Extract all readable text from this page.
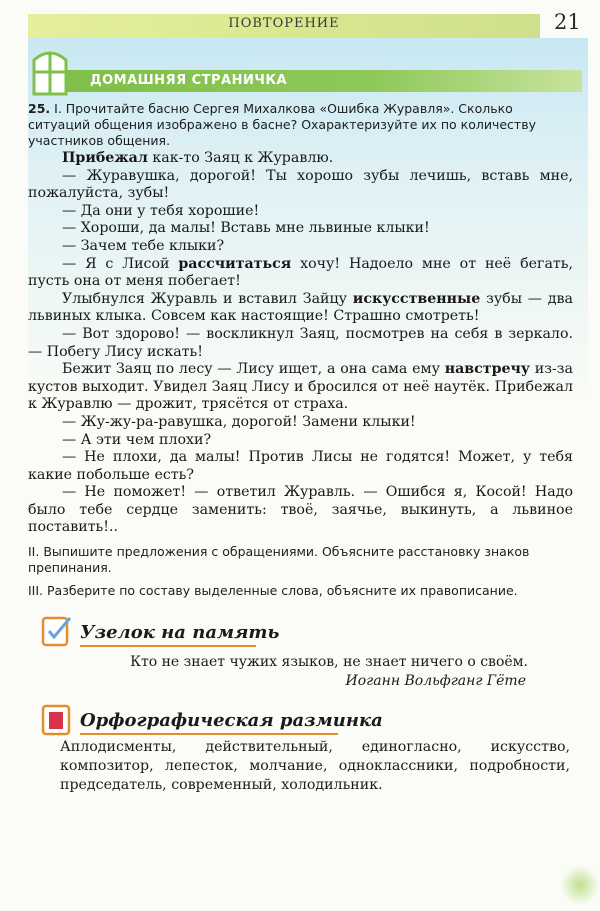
ПОВТОРЕНИЕ	21
ДОМАШНЯЯ СТРАНИЧКА
25. I. Прочитайте басню Сергея Михалкова «Ошибка Журавля». Сколько ситуаций общения изображено в басне? Охарактеризуйте их по количеству участников общения.

Прибежал как-то Заяц к Журавлю.

— Журавушка, дорогой! Ты хорошо зубы лечишь, вставь мне, пожалуйста, зубы!

— Да они у тебя хорошие!

— Хороши, да малы! Вставь мне львиные клыки!

— Зачем тебе клыки?

— Я с Лисой рассчитаться хочу! Надоело мне от неё бегать, пусть она от меня побегает!

Улыбнулся Журавль и вставил Зайцу искусственные зубы — два львиных клыка. Совсем как настоящие! Страшно смотреть!

— Вот здорово! — воскликнул Заяц, посмотрев на себя в зеркало. — Побегу Лису искать!

Бежит Заяц по лесу — Лису ищет, а она сама ему навстречу из-за кустов выходит. Увидел Заяц Лису и бросился от неё наутёк. Прибежал к Журавлю — дрожит, трясётся от страха.

— Жу-жу-ра-равушка, дорогой! Замени клыки!

— А эти чем плохи?

— Не плохи, да малы! Против Лисы не годятся! Может, у тебя какие побольше есть?

— Не поможет! — ответил Журавль. — Ошибся я, Косой! Надо было тебе сердце заменить: твоё, заячье, выкинуть, а львиное поставить!..

II. Выпишите предложения с обращениями. Объясните расстановку знаков препинания.
III. Разберите по составу выделенные слова, объясните их правописание.
Узелок на память
Кто не знает чужих языков, не знает ничего о своём.
Иоганн Вольфганг Гёте
Орфографическая разминка
Аплодисменты, действительный, единогласно, искусство, композитор, лепесток, молчание, одноклассники, подробности, председатель, современный, холодильник.
